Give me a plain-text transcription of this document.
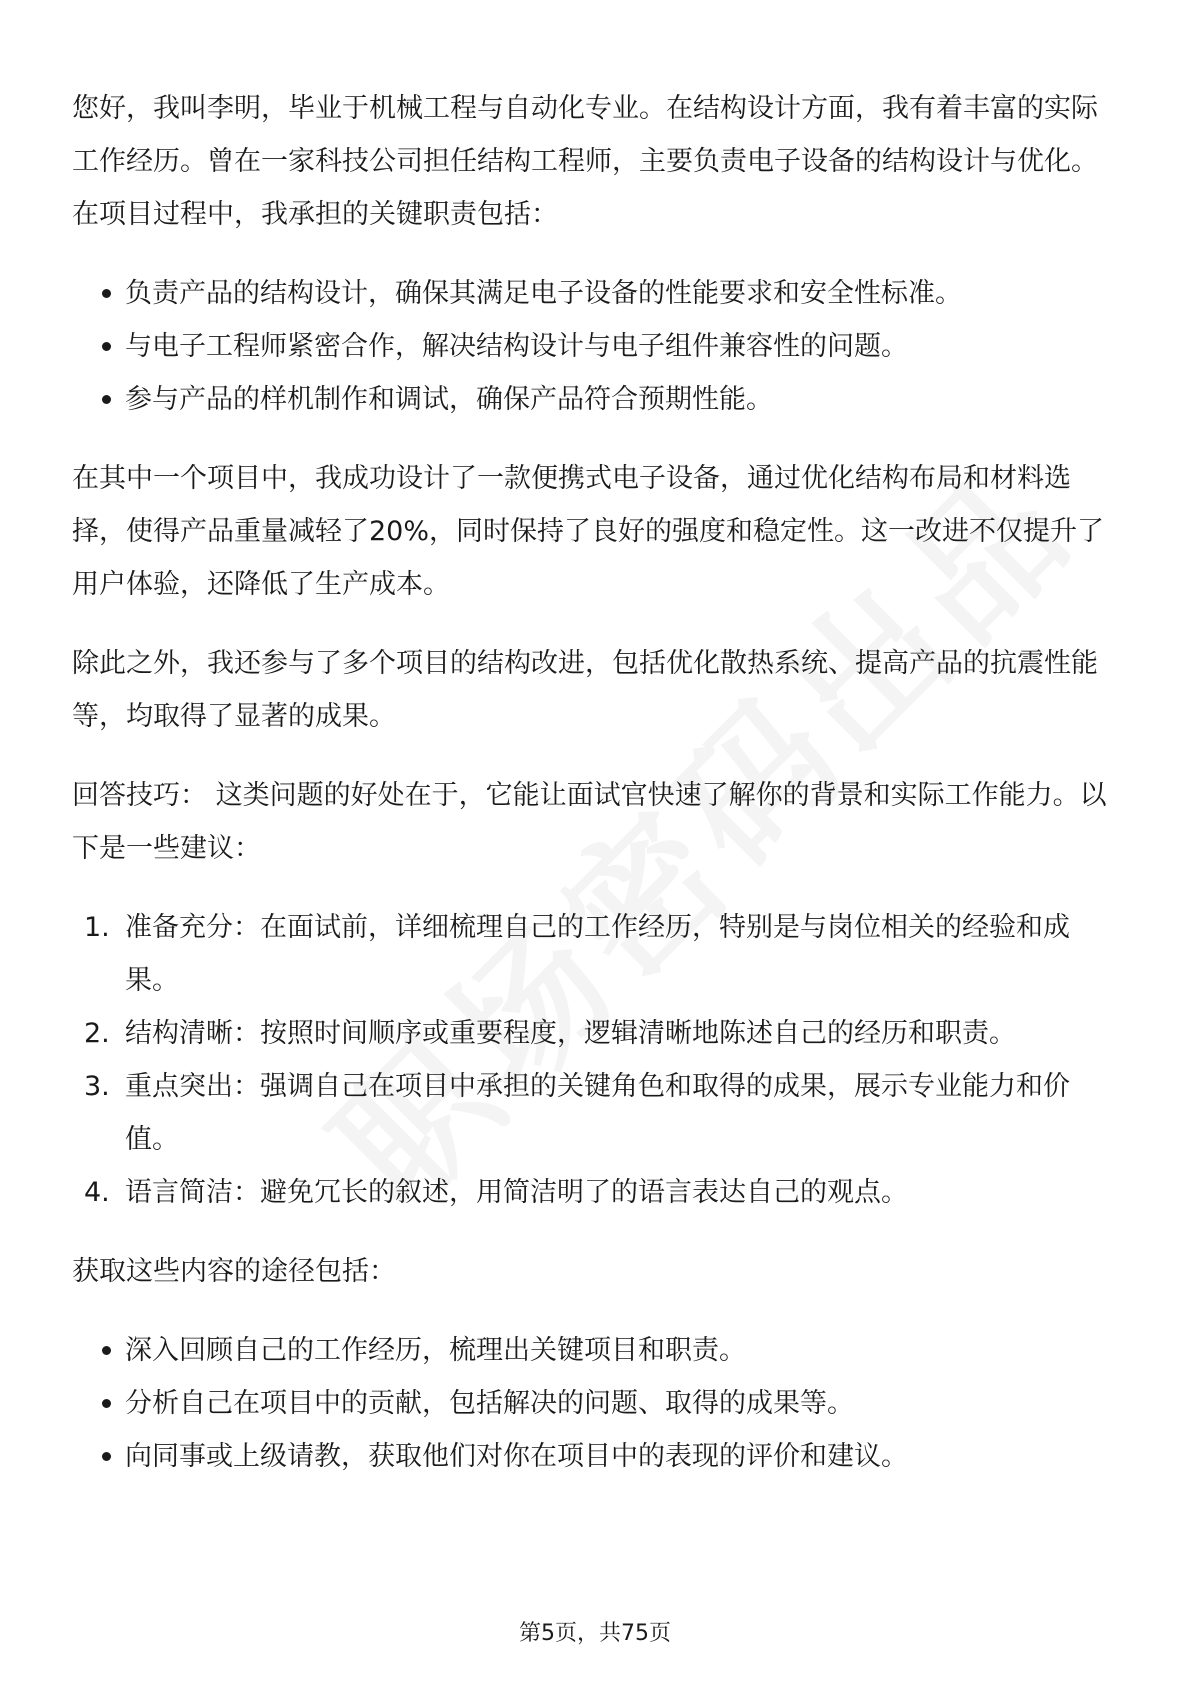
您好，我叫李明，毕业于机械工程与自动化专业。在结构设计方面，我有着丰富的实际工作经历。曾在一家科技公司担任结构工程师，主要负责电子设备的结构设计与优化。在项目过程中，我承担的关键职责包括：

负责产品的结构设计，确保其满足电子设备的性能要求和安全性标准。
与电子工程师紧密合作，解决结构设计与电子组件兼容性的问题。
参与产品的样机制作和调试，确保产品符合预期性能。

在其中一个项目中，我成功设计了一款便携式电子设备，通过优化结构布局和材料选择，使得产品重量减轻了20%，同时保持了良好的强度和稳定性。这一改进不仅提升了用户体验，还降低了生产成本。

除此之外，我还参与了多个项目的结构改进，包括优化散热系统、提高产品的抗震性能等，均取得了显著的成果。

回答技巧： 这类问题的好处在于，它能让面试官快速了解你的背景和实际工作能力。以下是一些建议：

1. 准备充分：在面试前，详细梳理自己的工作经历，特别是与岗位相关的经验和成果。
2. 结构清晰：按照时间顺序或重要程度，逻辑清晰地陈述自己的经历和职责。
3. 重点突出：强调自己在项目中承担的关键角色和取得的成果，展示专业能力和价值。
4. 语言简洁：避免冗长的叙述，用简洁明了的语言表达自己的观点。

获取这些内容的途径包括：

深入回顾自己的工作经历，梳理出关键项目和职责。
分析自己在项目中的贡献，包括解决的问题、取得的成果等。
向同事或上级请教，获取他们对你在项目中的表现的评价和建议。
第5页，共75页
